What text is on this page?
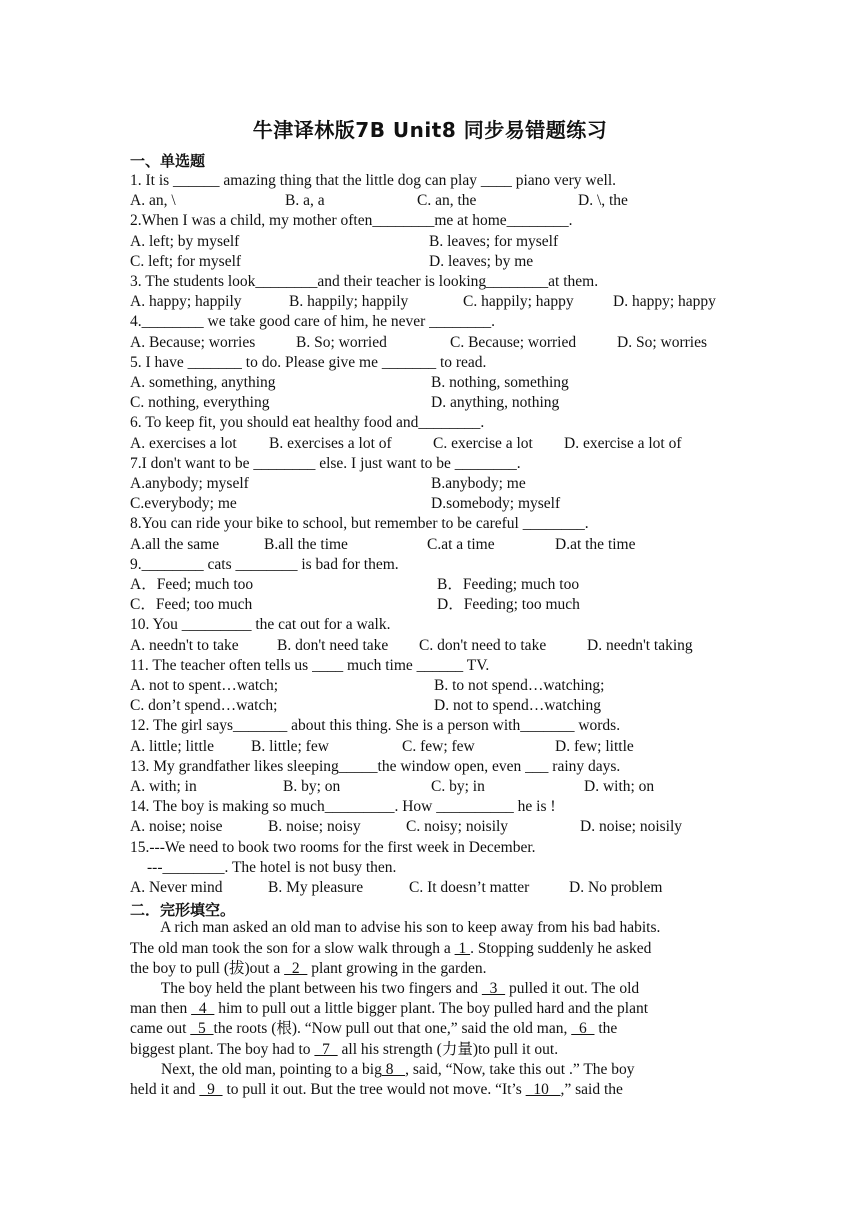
牛津译林版7B Unit8 同步易错题练习
一、单选题
1. It is ______ amazing thing that the little dog can play ____ piano very well.
A. an, \	B. a, a	C. an, the	D. \, the
2.When I was a child, my mother often________me at home________.
A. left; by myself	B. leaves; for myself
C. left; for myself	D. leaves; by me
3. The students look________and their teacher is looking________at them.
A. happy; happily	B. happily; happily	C. happily; happy	D. happy; happy
4.________ we take good care of him, he never ________.
A. Because; worries	B. So; worried	C. Because; worried	D. So; worries
5. I have _______ to do. Please give me _______ to read.
A. something, anything	B. nothing, something
C. nothing, everything	D. anything, nothing
6. To keep fit, you should eat healthy food and________.
A. exercises a lot B. exercises a lot of	C. exercise a lot D. exercise a lot of
7.I don't want to be ________ else. I just want to be ________.
A.anybody; myself	B.anybody; me
C.everybody; me	D.somebody; myself
8.You can ride your bike to school, but remember to be careful ________.
A.all the same	B.all the time	C.at a time	D.at the time
9.________ cats ________ is bad for them.
A．Feed; much too	B．Feeding; much too
C．Feed; too much	D．Feeding; too much
10. You _________ the cat out for a walk.
A. needn't to take B. don't need take C. don't need to take	D. needn't taking
11. The teacher often tells us ____ much time ______ TV.
A. not to spent…watch;	B. to not spend…watching;
C. don’t spend…watch;	D. not to spend…watching
12. The girl says_______ about this thing. She is a person with_______ words.
A. little; little B. little; few	C. few; few	D. few; little
13. My grandfather likes sleeping_____the window open, even ___ rainy days.
A. with; in	B. by; on	C. by; in	D. with; on
14. The boy is making so much_________. How __________ he is !
A. noise; noise	B. noise; noisy	C. noisy; noisily	D. noise; noisily
15.---We need to book two rooms for the first week in December.
---________. The hotel is not busy then.
A. Never mind	B. My pleasure	C. It doesn’t matter	D. No problem
二．完形填空。
A rich man asked an old man to advise his son to keep away from his bad habits.
The old man took the son for a slow walk through a  1 . Stopping suddenly he asked
the boy to pull (拔)out a   2   plant growing in the garden.
The boy held the plant between his two fingers and   3   pulled it out. The old
man then   4   him to pull out a little bigger plant. The boy pulled hard and the plant
came out   5  the roots (根). “Now pull out that one,” said the old man,   6   the
biggest plant. The boy had to   7   all his strength (力量)to pull it out.
Next, the old man, pointing to a big 8   , said, “Now, take this out .” The boy
held it and   9   to pull it out. But the tree would not move. “It’s   10   ,” said the
